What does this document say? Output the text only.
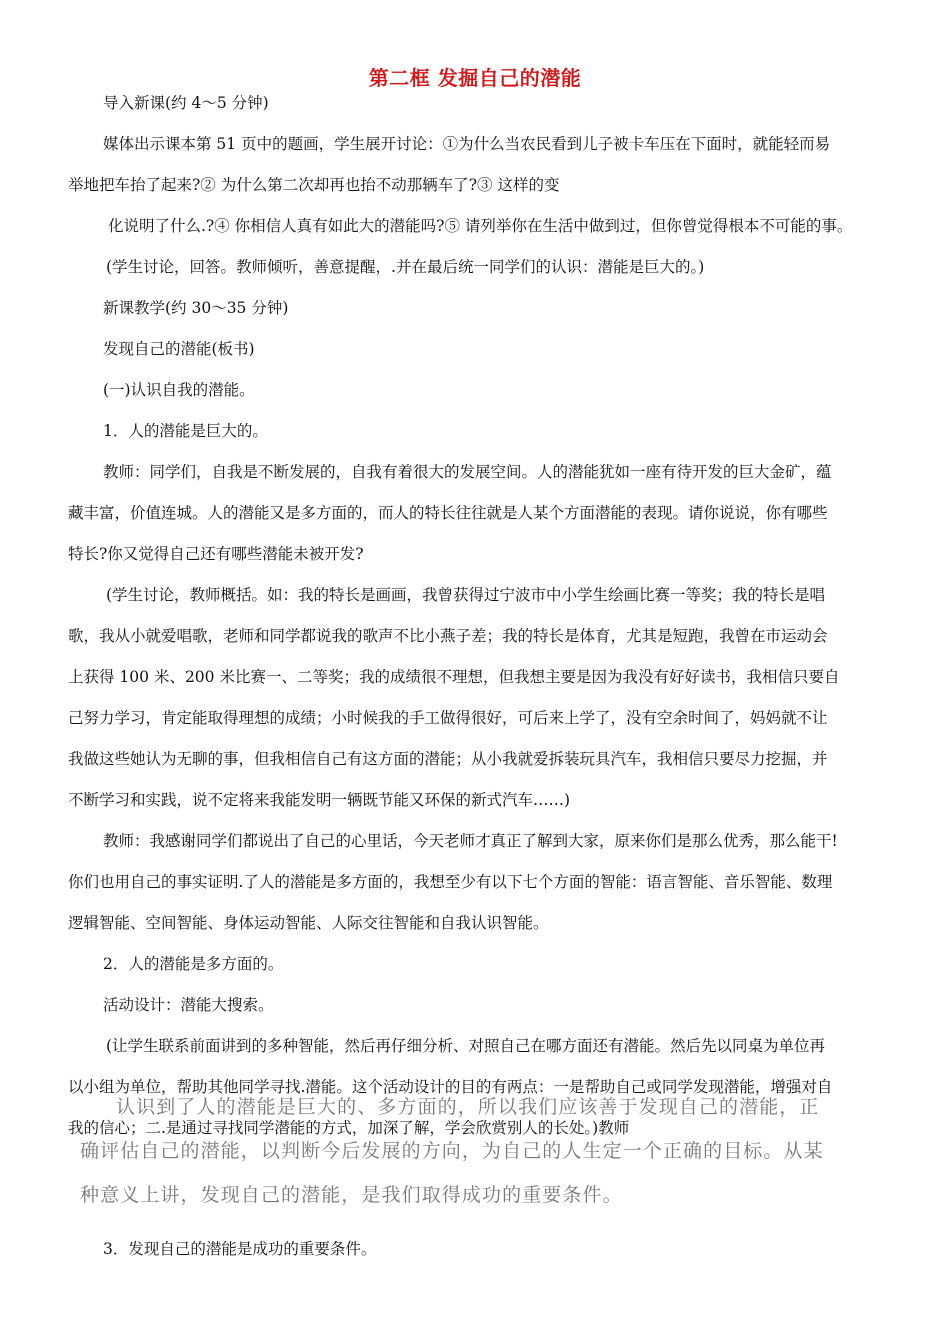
第二框 发掘自己的潜能
导入新课(约 4～5 分钟)
媒体出示课本第 51 页中的题画，学生展开讨论：①为什么当农民看到儿子被卡车压在下面时，就能轻而易
举地把车抬了起来?② 为什么第二次却再也抬不动那辆车了?③ 这样的变
化说明了什么.?④ 你相信人真有如此大的潜能吗?⑤ 请列举你在生活中做到过，但你曾觉得根本不可能的事。
(学生讨论，回答。教师倾听，善意提醒，.并在最后统一同学们的认识：潜能是巨大的。)
新课教学(约 30～35 分钟)
发现自己的潜能(板书)
(一)认识自我的潜能。
1．人的潜能是巨大的。
教师：同学们，自我是不断发展的，自我有着很大的发展空间。人的潜能犹如一座有待开发的巨大金矿，蕴
藏丰富，价值连城。人的潜能又是多方面的，而人的特长往往就是人某个方面潜能的表现。请你说说，你有哪些
特长?你又觉得自己还有哪些潜能未被开发?
(学生讨论，教师概括。如：我的特长是画画，我曾获得过宁波市中小学生绘画比赛一等奖；我的特长是唱
歌，我从小就爱唱歌，老师和同学都说我的歌声不比小燕子差；我的特长是体育，尤其是短跑，我曾在市运动会
上获得 100 米、200 米比赛一、二等奖；我的成绩很不理想，但我想主要是因为我没有好好读书，我相信只要自
己努力学习，肯定能取得理想的成绩；小时候我的手工做得很好，可后来上学了，没有空余时间了，妈妈就不让
我做这些她认为无聊的事，但我相信自己有这方面的潜能；从小我就爱拆装玩具汽车，我相信只要尽力挖掘，并
不断学习和实践，说不定将来我能发明一辆既节能又环保的新式汽车……)
教师：我感谢同学们都说出了自己的心里话，今天老师才真正了解到大家，原来你们是那么优秀，那么能干!
你们也用自己的事实证明.了人的潜能是多方面的，我想至少有以下七个方面的智能：语言智能、音乐智能、数理
逻辑智能、空间智能、身体运动智能、人际交往智能和自我认识智能。
2．人的潜能是多方面的。
活动设计：潜能大搜索。
(让学生联系前面讲到的多种智能，然后再仔细分析、对照自己在哪方面还有潜能。然后先以同桌为单位再
以小组为单位，帮助其他同学寻找.潜能。这个活动设计的目的有两点：一是帮助自己或同学发现潜能，增强对自
我的信心；二.是通过寻找同学潜能的方式，加深了解，学会欣赏别人的长处。)教师
认识到了人的潜能是巨大的、多方面的，所以我们应该善于发现自己的潜能，正
确评估自己的潜能，以判断今后发展的方向，为自己的人生定一个正确的目标。从某
种意义上讲，发现自己的潜能，是我们取得成功的重要条件。
3．发现自己的潜能是成功的重要条件。
